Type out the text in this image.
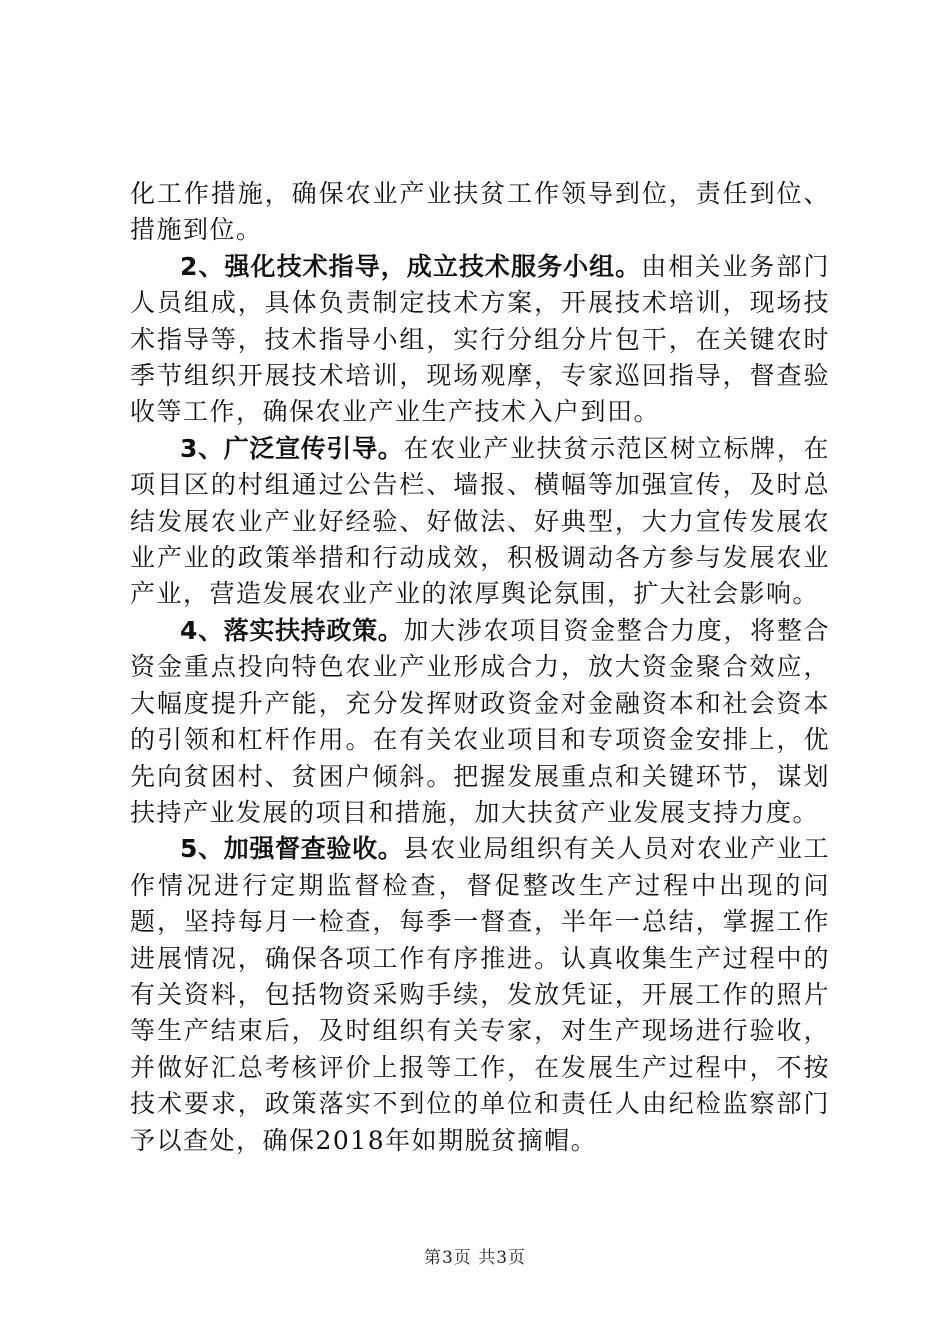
化工作措施，确保农业产业扶贫工作领导到位，责任到位、措施到位。

2、强化技术指导，成立技术服务小组。由相关业务部门人员组成，具体负责制定技术方案，开展技术培训，现场技术指导等，技术指导小组，实行分组分片包干，在关键农时季节组织开展技术培训，现场观摩，专家巡回指导，督查验收等工作，确保农业产业生产技术入户到田。

3、广泛宣传引导。在农业产业扶贫示范区树立标牌，在项目区的村组通过公告栏、墙报、横幅等加强宣传，及时总结发展农业产业好经验、好做法、好典型，大力宣传发展农业产业的政策举措和行动成效，积极调动各方参与发展农业产业，营造发展农业产业的浓厚舆论氛围，扩大社会影响。

4、落实扶持政策。加大涉农项目资金整合力度，将整合资金重点投向特色农业产业形成合力，放大资金聚合效应，大幅度提升产能，充分发挥财政资金对金融资本和社会资本的引领和杠杆作用。在有关农业项目和专项资金安排上，优先向贫困村、贫困户倾斜。把握发展重点和关键环节，谋划扶持产业发展的项目和措施，加大扶贫产业发展支持力度。

5、加强督查验收。县农业局组织有关人员对农业产业工作情况进行定期监督检查，督促整改生产过程中出现的问题，坚持每月一检查，每季一督查，半年一总结，掌握工作进展情况，确保各项工作有序推进。认真收集生产过程中的有关资料，包括物资采购手续，发放凭证，开展工作的照片等生产结束后，及时组织有关专家，对生产现场进行验收，并做好汇总考核评价上报等工作，在发展生产过程中，不按技术要求，政策落实不到位的单位和责任人由纪检监察部门予以查处，确保2018年如期脱贫摘帽。

第3页 共3页
